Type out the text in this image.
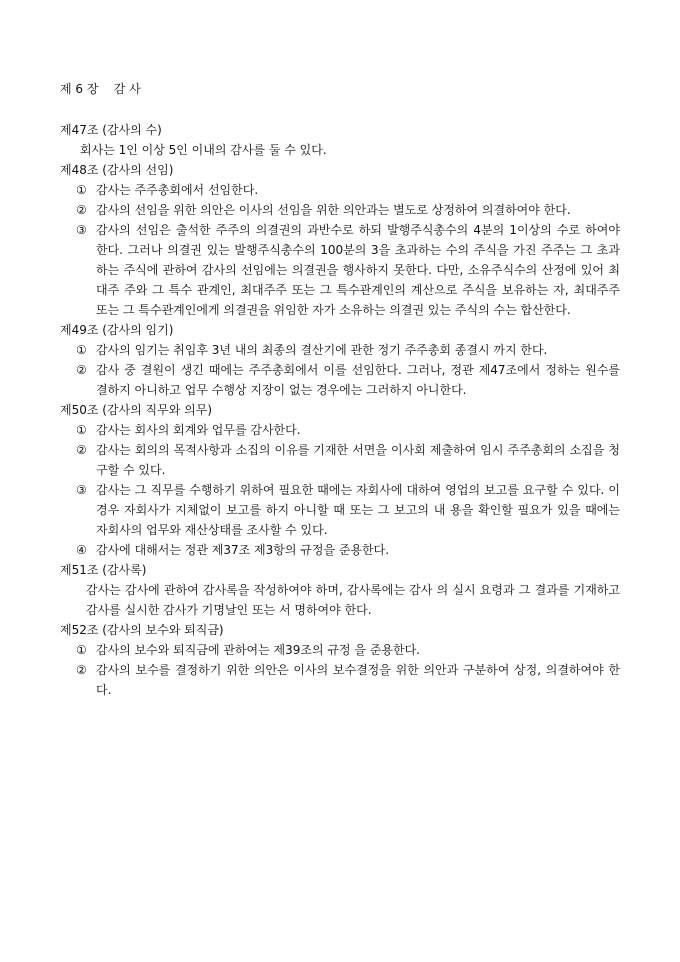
제 6 장    감 사
제47조 (감사의 수)
회사는 1인 이상 5인 이내의 감사를 둘 수 있다.
제48조 (감사의 선임)
① 감사는 주주총회에서 선임한다.
② 감사의 선임을 위한 의안은 이사의 선임을 위한 의안과는 별도로 상정하여 의결하여야 한다.
③ 감사의 선임은 출석한 주주의 의결권의 과반수로 하되 발행주식총수의 4분의 1이상의 수로 하여야 한다. 그러나 의결권 있는 발행주식총수의 100분의 3을 초과하는 수의 주식을 가진 주주는 그 초과하는 주식에 관하여 감사의 선임에는 의결권을 행사하지 못한다. 다만, 소유주식수의 산정에 있어 최대주 주와 그 특수 관계인, 최대주주 또는 그 특수관계인의 계산으로 주식을 보유하는 자, 최대주주 또는 그 특수관계인에게 의결권을 위임한 자가 소유하는 의결권 있는 주식의 수는 합산한다.
제49조 (감사의 임기)
① 감사의 임기는 취임후 3년 내의 최종의 결산기에 관한 정기 주주총회 종결시 까지 한다.
② 감사 중 결원이 생긴 때에는 주주총회에서 이를 선임한다. 그러나, 정관 제47조에서 정하는 원수를 결하지 아니하고 업무 수행상 지장이 없는 경우에는 그러하지 아니한다.
제50조 (감사의 직무와 의무)
① 감사는 회사의 회계와 업무를 감사한다.
② 감사는 회의의 목적사항과 소집의 이유를 기재한 서면을 이사회 제출하여 임시 주주총회의 소집을 청구할 수 있다.
③ 감사는 그 직무를 수행하기 위하여 필요한 때에는 자회사에 대하여 영업의 보고를 요구할 수 있다. 이 경우 자회사가 지체없이 보고를 하지 아니할 때 또는 그 보고의 내 용을 확인할 필요가 있을 때에는 자회사의 업무와 재산상태를 조사할 수 있다.
④ 감사에 대해서는 정관 제37조 제3항의 규정을 준용한다.
제51조 (감사록)
감사는 감사에 관하여 감사록을 작성하여야 하며, 감사록에는 감사 의 실시 요령과 그 결과를 기재하고 감사를 실시한 감사가 기명날인 또는 서 명하여야 한다.
제52조 (감사의 보수와 퇴직금)
① 감사의 보수와 퇴직금에 관하여는 제39조의 규정 을 준용한다.
② 감사의 보수를 결정하기 위한 의안은 이사의 보수결정을 위한 의안과 구분하여 상정, 의결하여야 한다.
